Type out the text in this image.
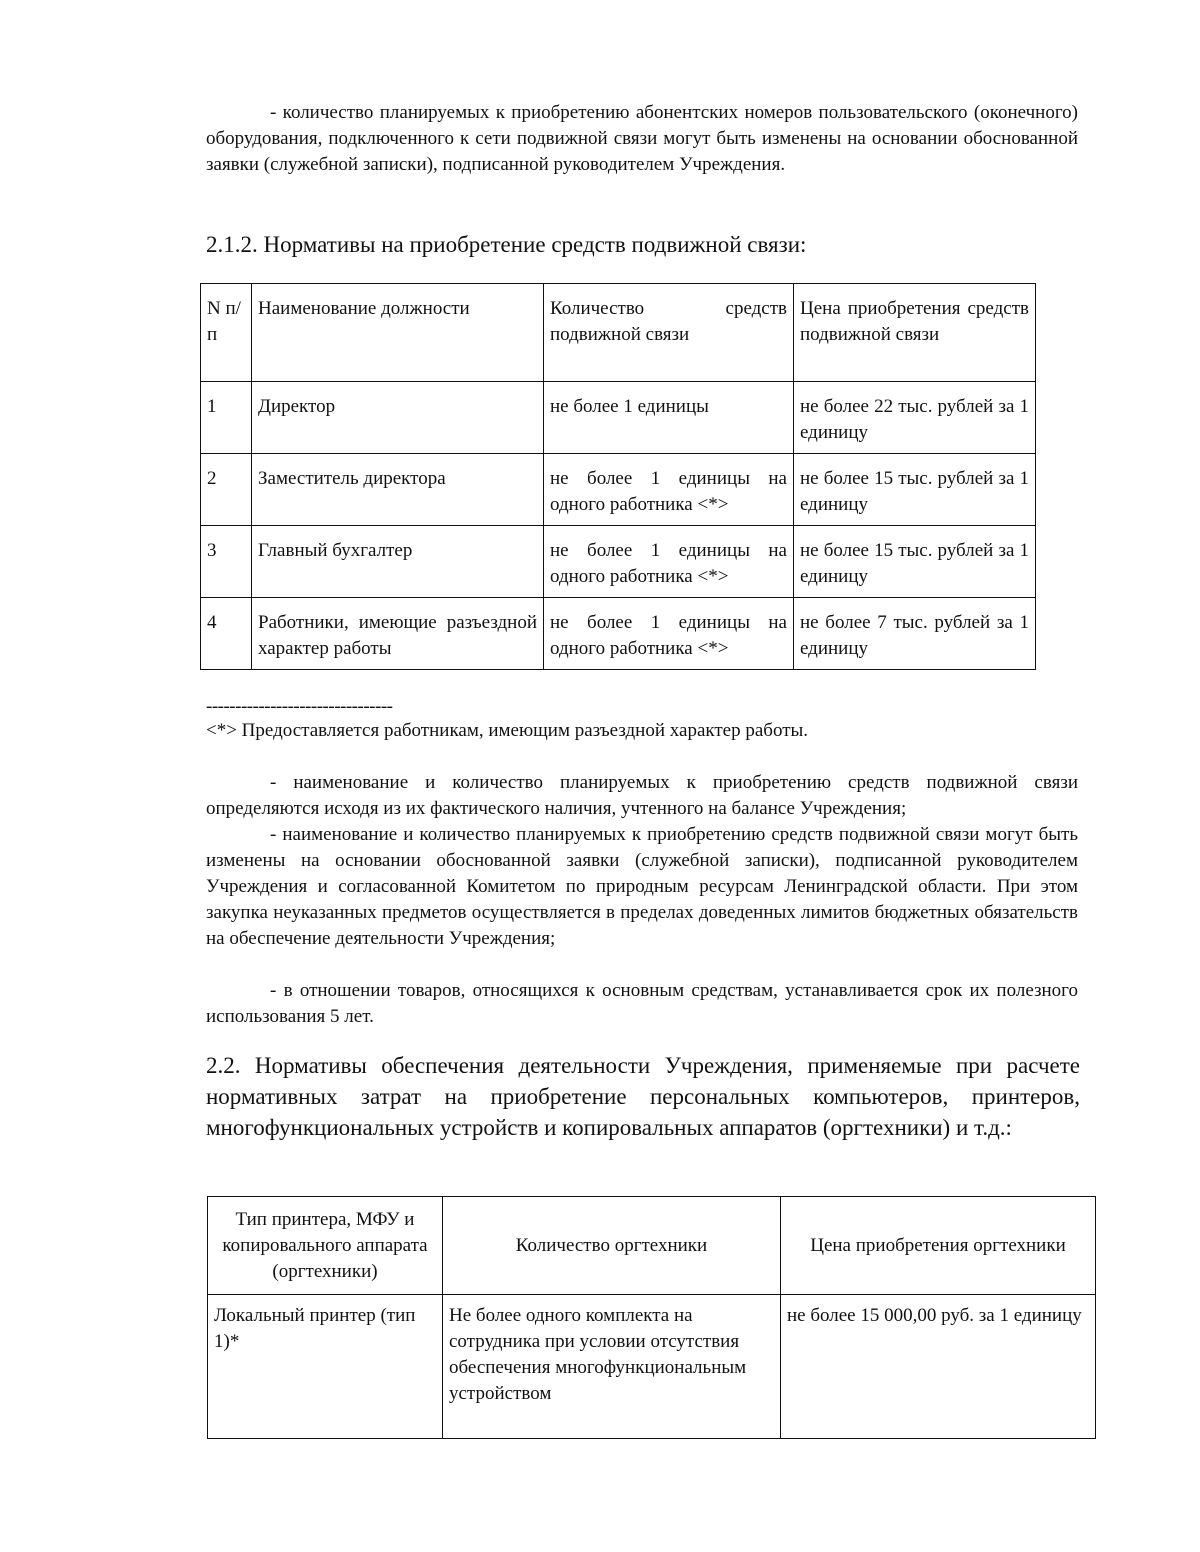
- количество планируемых к приобретению абонентских номеров пользовательского (оконечного) оборудования, подключенного к сети подвижной связи могут быть изменены на основании обоснованной заявки (служебной записки), подписанной руководителем Учреждения.

2.1.2. Нормативы на приобретение средств подвижной связи:

N п/п	Наименование должности	Количество средств подвижной связи	Цена приобретения средств подвижной связи
1	Директор	не более 1 единицы	не более 22 тыс. рублей за 1 единицу
2	Заместитель директора	не более 1 единицы на одного работника <*>	не более 15 тыс. рублей за 1 единицу
3	Главный бухгалтер	не более 1 единицы на одного работника <*>	не более 15 тыс. рублей за 1 единицу
4	Работники, имеющие разъездной характер работы	не более 1 единицы на одного работника <*>	не более 7 тыс. рублей за 1 единицу

--------------------------------

<*> Предоставляется работникам, имеющим разъездной характер работы.

- наименование и количество планируемых к приобретению средств подвижной связи определяются исходя из их фактического наличия, учтенного на балансе Учреждения;

- наименование и количество планируемых к приобретению средств подвижной связи могут быть изменены на основании обоснованной заявки (служебной записки), подписанной руководителем Учреждения и согласованной Комитетом по природным ресурсам Ленинградской области. При этом закупка неуказанных предметов осуществляется в пределах доведенных лимитов бюджетных обязательств на обеспечение деятельности Учреждения;

- в отношении товаров, относящихся к основным средствам, устанавливается срок их полезного использования 5 лет.

2.2. Нормативы обеспечения деятельности Учреждения, применяемые при расчете нормативных затрат на приобретение персональных компьютеров, принтеров, многофункциональных устройств и копировальных аппаратов (оргтехники) и т.д.:

Тип принтера, МФУ и копировального аппарата (оргтехники)	Количество оргтехники	Цена приобретения оргтехники
Локальный принтер (тип 1)*	Не более одного комплекта на сотрудника при условии отсутствия обеспечения многофункциональным устройством	не более 15 000,00 руб. за 1 единицу
